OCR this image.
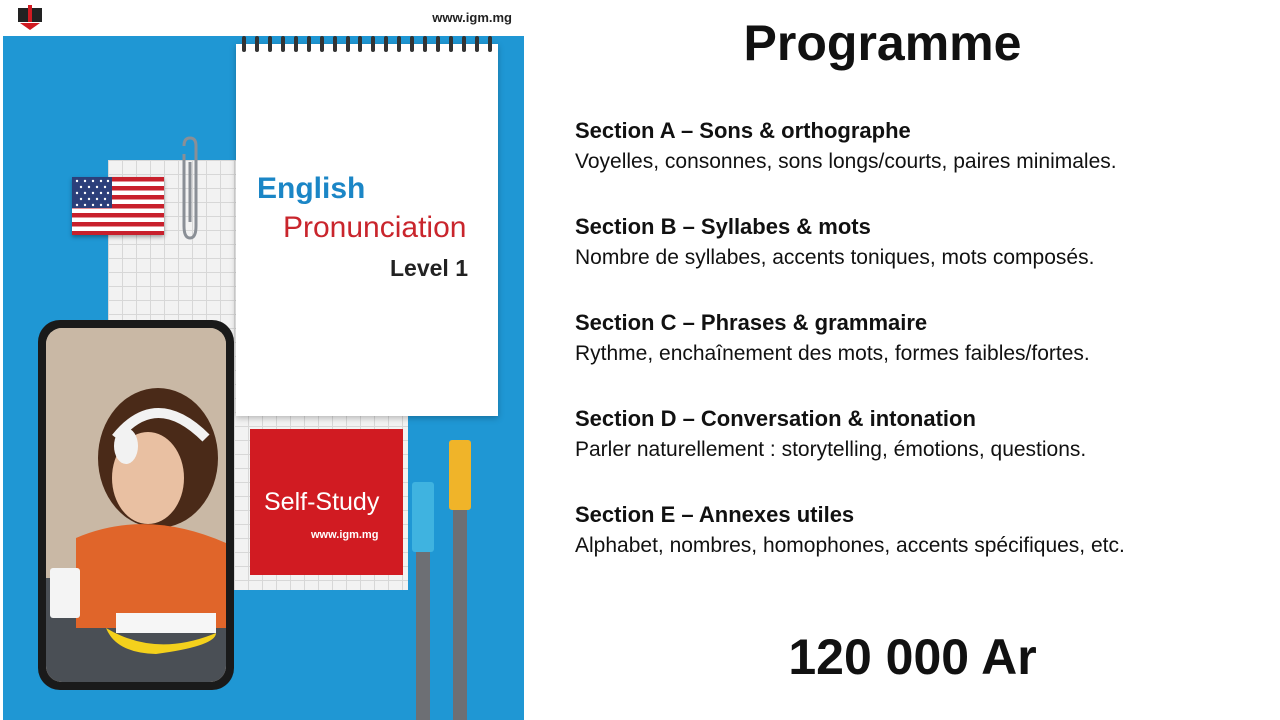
www.igm.mg
English
Pronunciation
Level 1
Self-Study
www.igm.mg
Programme
Section A – Sons & orthographe
Voyelles, consonnes, sons longs/courts, paires minimales.
Section B – Syllabes & mots
Nombre de syllabes, accents toniques, mots composés.
Section C – Phrases & grammaire
Rythme, enchaînement des mots, formes faibles/fortes.
Section D – Conversation & intonation
Parler naturellement : storytelling, émotions, questions.
Section E – Annexes utiles
Alphabet, nombres, homophones, accents spécifiques, etc.
120 000 Ar
